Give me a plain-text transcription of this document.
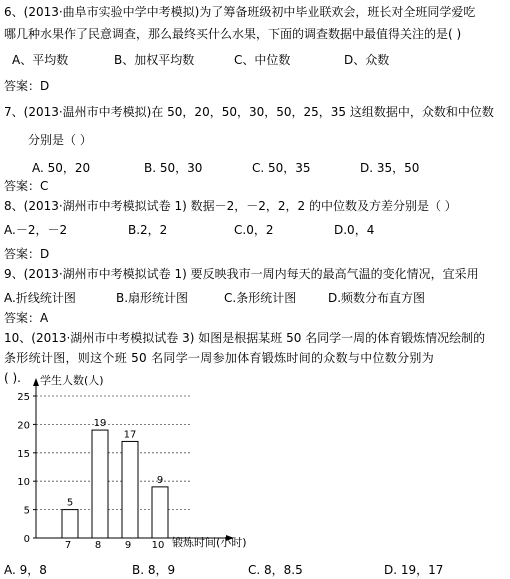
6、(2013·曲阜市实验中学中考模拟)为了筹备班级初中毕业联欢会，班长对全班同学爱吃
哪几种水果作了民意调查，那么最终买什么水果，下面的调查数据中最值得关注的是( )
A、平均数	B、加权平均数	C、中位数	D、众数
答案：D
7、(2013·温州市中考模拟)在 50，20，50，30，50，25，35 这组数据中，众数和中位数
分别是（ ）
A. 50，20	B. 50，30	C. 50，35	D. 35，50
答案：C
8、(2013·湖州市中考模拟试卷 1) 数据－2，－2，2，2 的中位数及方差分别是（ ）
A.－2，－2	B.2，2	C.0，2	D.0，4
答案：D
9、(2013·湖州市中考模拟试卷 1) 要反映我市一周内每天的最高气温的变化情况，宜采用
A.折线统计图	B.扇形统计图	C.条形统计图	D.频数分布直方图
答案：A
10、(2013·湖州市中考模拟试卷 3) 如图是根据某班 50 名同学一周的体育锻炼情况绘制的
条形统计图，则这个班 50 名同学一周参加体育锻炼时间的众数与中位数分别为
( ). 学生人数(人)
锻炼时间(小时)
0
5
10
15
20
25
7 8 9 10
5
19
17
9
A. 9，8	B. 8，9	C. 8，8.5	D. 19，17
